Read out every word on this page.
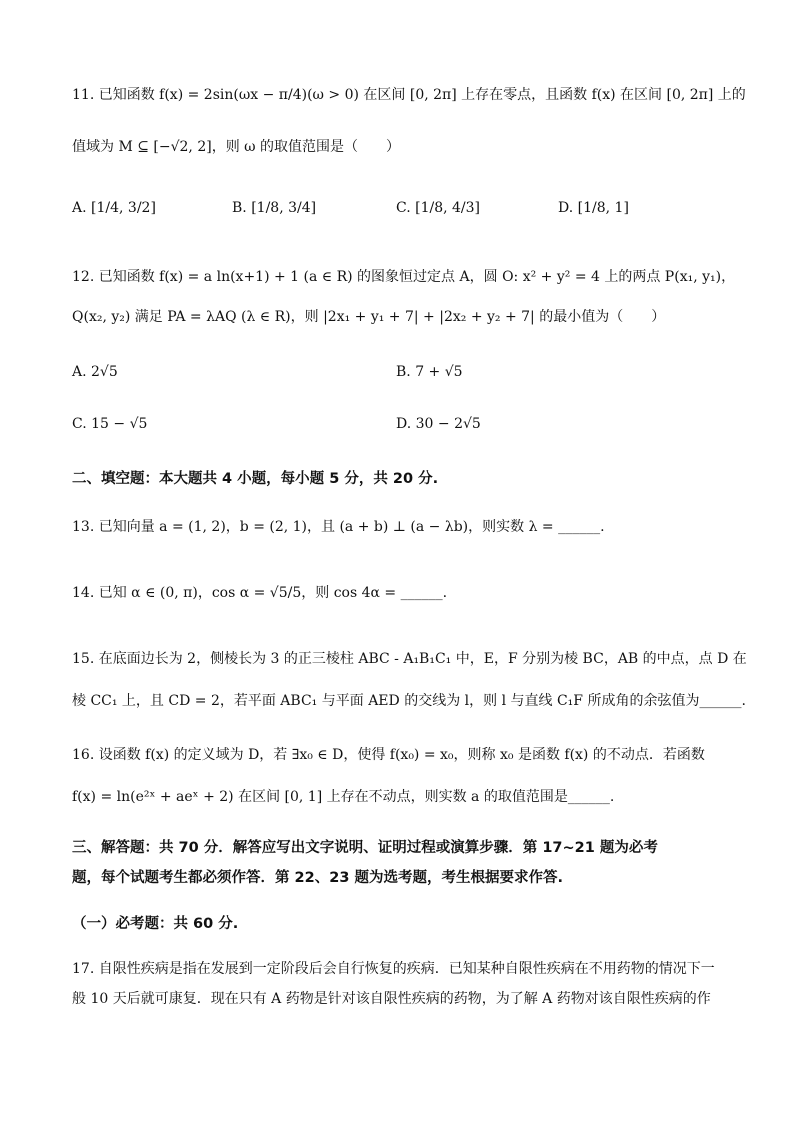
11. 已知函数 f(x) = 2sin(ωx − π/4)(ω > 0) 在区间 [0, 2π] 上存在零点，且函数 f(x) 在区间 [0, 2π] 上的
值域为 M ⊆ [−√2, 2]，则 ω 的取值范围是（　　）
A. [1/4, 3/2]	B. [1/8, 3/4]	C. [1/8, 4/3]	D. [1/8, 1]
12. 已知函数 f(x) = a ln(x+1) + 1 (a ∈ R) 的图象恒过定点 A，圆 O: x² + y² = 4 上的两点 P(x₁, y₁)，
Q(x₂, y₂) 满足 PA = λAQ (λ ∈ R)，则 |2x₁ + y₁ + 7| + |2x₂ + y₂ + 7| 的最小值为（　　）
A. 2√5	B. 7 + √5
C. 15 − √5	D. 30 − 2√5
二、填空题：本大题共 4 小题，每小题 5 分，共 20 分.
13. 已知向量 a = (1, 2)，b = (2, 1)，且 (a + b) ⊥ (a − λb)，则实数 λ = ______.
14. 已知 α ∈ (0, π)，cos α = √5/5，则 cos 4α = ______.
15. 在底面边长为 2，侧棱长为 3 的正三棱柱 ABC - A₁B₁C₁ 中，E，F 分别为棱 BC，AB 的中点，点 D 在
棱 CC₁ 上，且 CD = 2，若平面 ABC₁ 与平面 AED 的交线为 l，则 l 与直线 C₁F 所成角的余弦值为______.
16. 设函数 f(x) 的定义域为 D，若 ∃x₀ ∈ D，使得 f(x₀) = x₀，则称 x₀ 是函数 f(x) 的不动点．若函数
f(x) = ln(e²ˣ + aeˣ + 2) 在区间 [0, 1] 上存在不动点，则实数 a 的取值范围是______.
三、解答题：共 70 分．解答应写出文字说明、证明过程或演算步骤．第 17~21 题为必考
题，每个试题考生都必须作答．第 22、23 题为选考题，考生根据要求作答.
（一）必考题：共 60 分.
17. 自限性疾病是指在发展到一定阶段后会自行恢复的疾病．已知某种自限性疾病在不用药物的情况下一
般 10 天后就可康复．现在只有 A 药物是针对该自限性疾病的药物，为了解 A 药物对该自限性疾病的作
